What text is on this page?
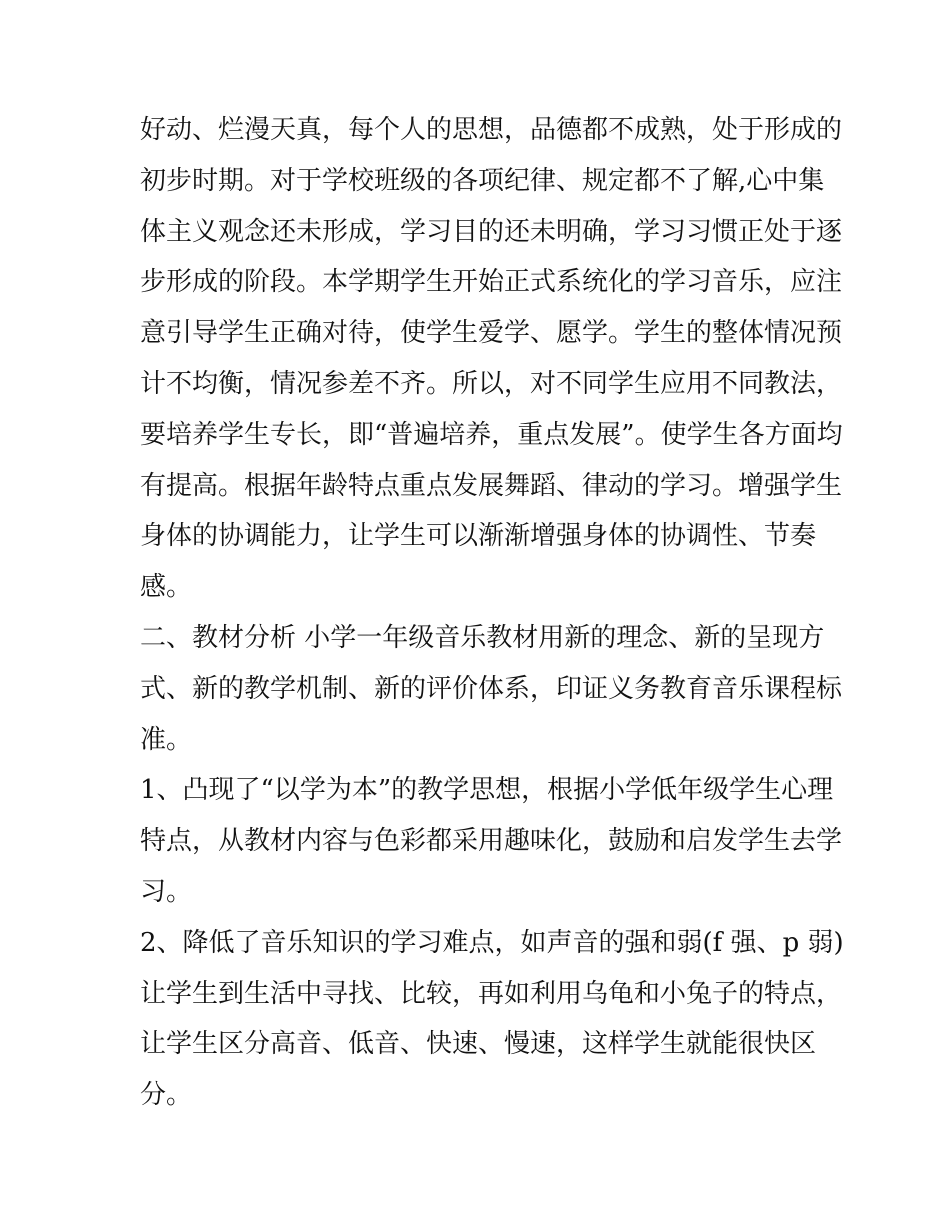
好动、烂漫天真，每个人的思想，品德都不成熟，处于形成的
初步时期。对于学校班级的各项纪律、规定都不了解,心中集
体主义观念还未形成，学习目的还未明确，学习习惯正处于逐
步形成的阶段。本学期学生开始正式系统化的学习音乐，应注
意引导学生正确对待，使学生爱学、愿学。学生的整体情况预
计不均衡，情况参差不齐。所以，对不同学生应用不同教法，
要培养学生专长，即“普遍培养，重点发展”。使学生各方面均
有提高。根据年龄特点重点发展舞蹈、律动的学习。增强学生
身体的协调能力，让学生可以渐渐增强身体的协调性、节奏
感。
二、教材分析 小学一年级音乐教材用新的理念、新的呈现方
式、新的教学机制、新的评价体系，印证义务教育音乐课程标
准。
1、凸现了“以学为本”的教学思想，根据小学低年级学生心理
特点，从教材内容与色彩都采用趣味化，鼓励和启发学生去学
习。
2、降低了音乐知识的学习难点，如声音的强和弱(f 强、p 弱)
让学生到生活中寻找、比较，再如利用乌龟和小兔子的特点，
让学生区分高音、低音、快速、慢速，这样学生就能很快区
分。
